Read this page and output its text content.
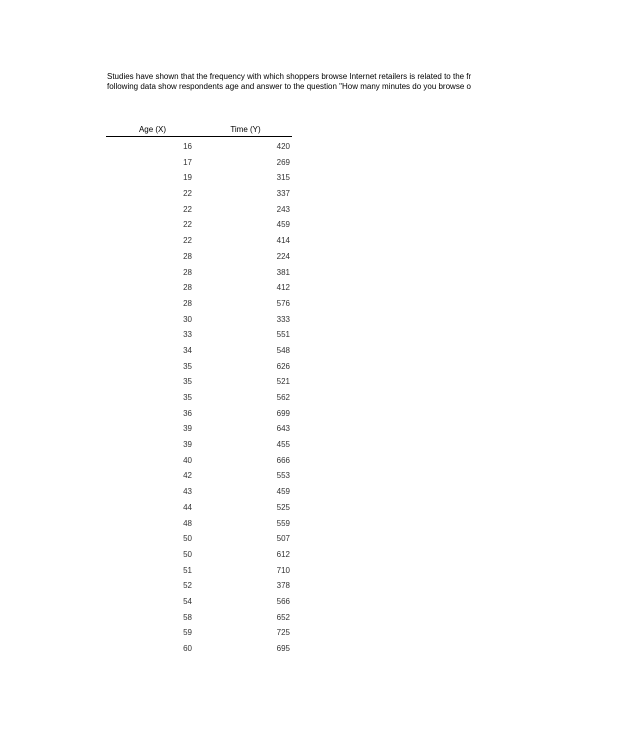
Studies have shown that the frequency with which shoppers browse Internet retailers is related to the fr
following data show respondents age and answer to the question "How many minutes do you browse o
Age (X)	Time (Y)
16	420
17	269
19	315
22	337
22	243
22	459
22	414
28	224
28	381
28	412
28	576
30	333
33	551
34	548
35	626
35	521
35	562
36	699
39	643
39	455
40	666
42	553
43	459
44	525
48	559
50	507
50	612
51	710
52	378
54	566
58	652
59	725
60	695
